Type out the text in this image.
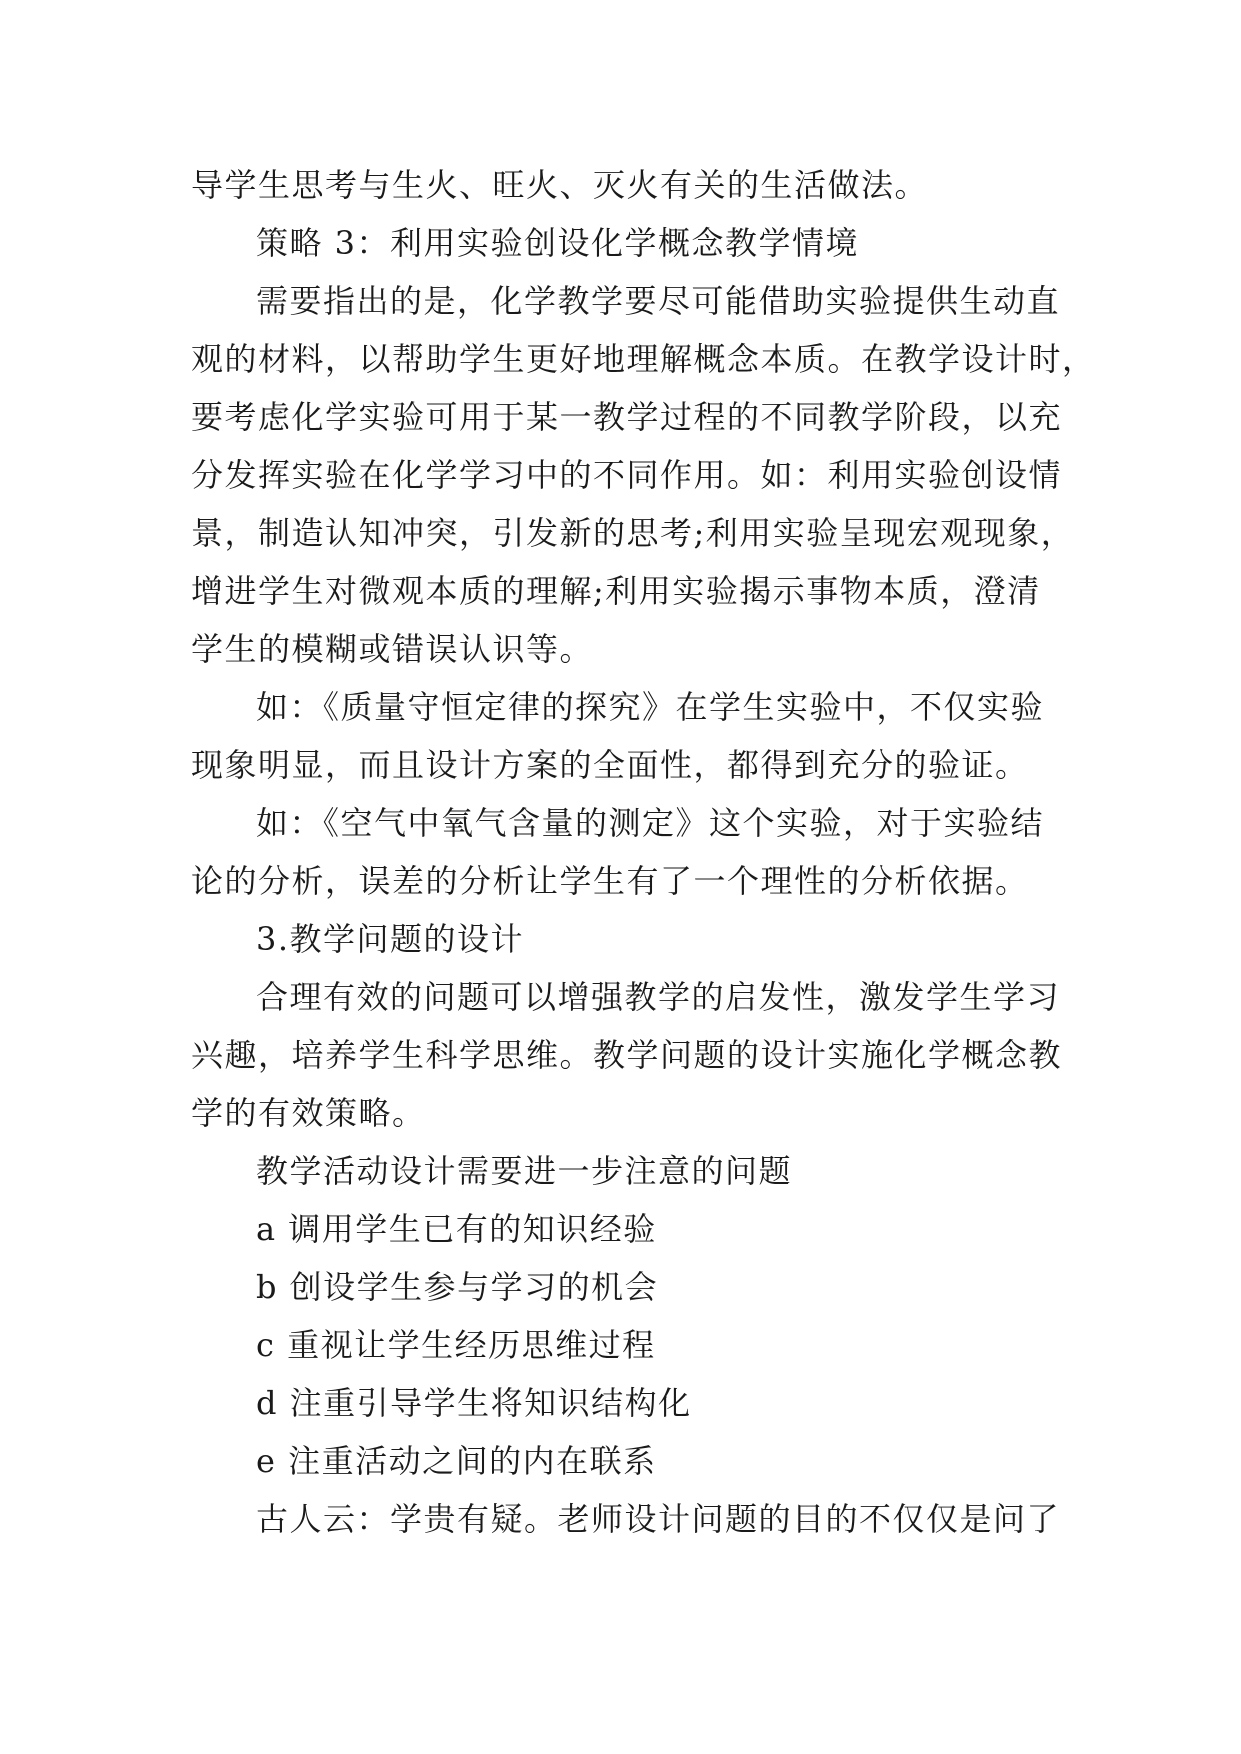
导学生思考与生火、旺火、灭火有关的生活做法。
策略 3：利用实验创设化学概念教学情境
需要指出的是，化学教学要尽可能借助实验提供生动直
观的材料，以帮助学生更好地理解概念本质。在教学设计时，
要考虑化学实验可用于某一教学过程的不同教学阶段，以充
分发挥实验在化学学习中的不同作用。如：利用实验创设情
景，制造认知冲突，引发新的思考;利用实验呈现宏观现象，
增进学生对微观本质的理解;利用实验揭示事物本质，澄清
学生的模糊或错误认识等。
如：《质量守恒定律的探究》在学生实验中，不仅实验
现象明显，而且设计方案的全面性，都得到充分的验证。
如：《空气中氧气含量的测定》这个实验，对于实验结
论的分析，误差的分析让学生有了一个理性的分析依据。
3.教学问题的设计
合理有效的问题可以增强教学的启发性，激发学生学习
兴趣，培养学生科学思维。教学问题的设计实施化学概念教
学的有效策略。
教学活动设计需要进一步注意的问题
a 调用学生已有的知识经验
b 创设学生参与学习的机会
c 重视让学生经历思维过程
d 注重引导学生将知识结构化
e 注重活动之间的内在联系
古人云：学贵有疑。老师设计问题的目的不仅仅是问了
